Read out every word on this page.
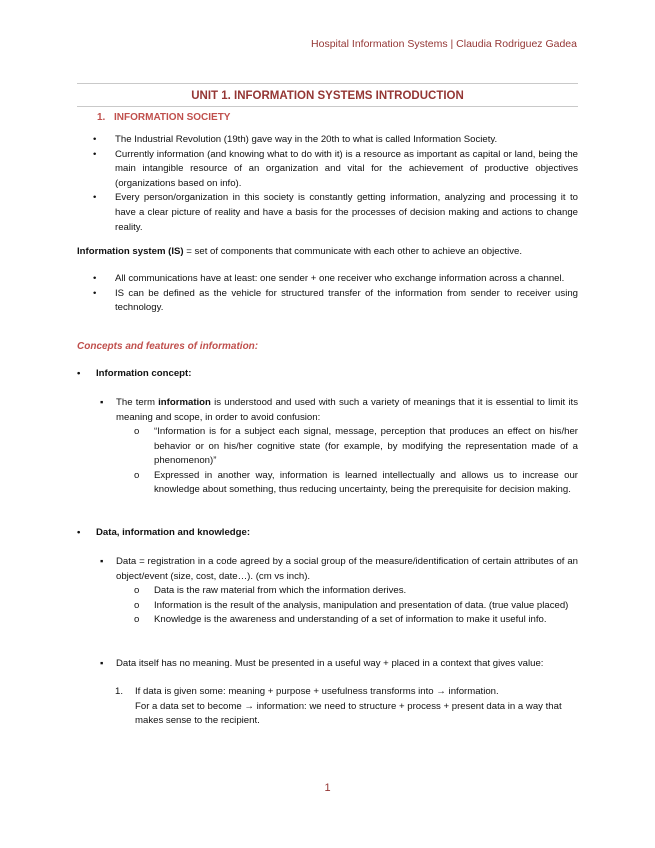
Hospital Information Systems | Claudia Rodriguez Gadea
UNIT 1. INFORMATION SYSTEMS INTRODUCTION
1. INFORMATION SOCIETY
• The Industrial Revolution (19th) gave way in the 20th to what is called Information Society.
• Currently information (and knowing what to do with it) is a resource as important as capital or land, being the main intangible resource of an organization and vital for the achievement of productive objectives (organizations based on info).
• Every person/organization in this society is constantly getting information, analyzing and processing it to have a clear picture of reality and have a basis for the processes of decision making and actions to change reality.
Information system (IS) = set of components that communicate with each other to achieve an objective.
• All communications have at least: one sender + one receiver who exchange information across a channel.
• IS can be defined as the vehicle for structured transfer of the information from sender to receiver using technology.
Concepts and features of information:
• Information concept:
▪ The term information is understood and used with such a variety of meanings that it is essential to limit its meaning and scope, in order to avoid confusion:
o “Information is for a subject each signal, message, perception that produces an effect on his/her behavior or on his/her cognitive state (for example, by modifying the representation made of a phenomenon)”
o Expressed in another way, information is learned intellectually and allows us to increase our knowledge about something, thus reducing uncertainty, being the prerequisite for decision making.
• Data, information and knowledge:
▪ Data = registration in a code agreed by a social group of the measure/identification of certain attributes of an object/event (size, cost, date…). (cm vs inch).
o Data is the raw material from which the information derives.
o Information is the result of the analysis, manipulation and presentation of data. (true value placed)
o Knowledge is the awareness and understanding of a set of information to make it useful info.
▪ Data itself has no meaning. Must be presented in a useful way + placed in a context that gives value:
1. If data is given some: meaning + purpose + usefulness transforms into → information.
For a data set to become → information: we need to structure + process + present data in a way that makes sense to the recipient.
1
